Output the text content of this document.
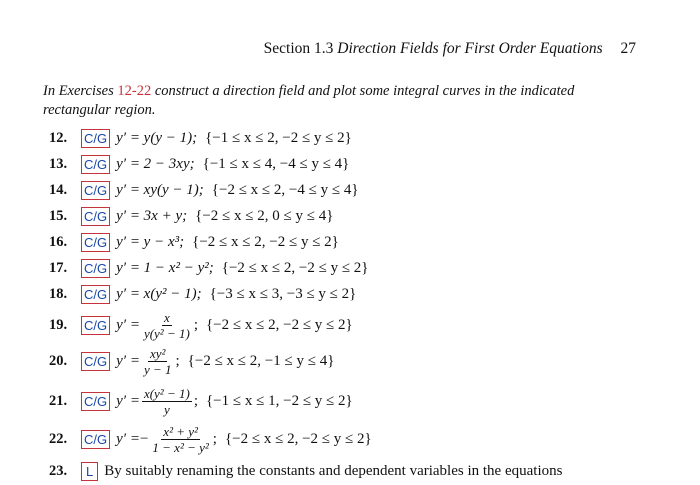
Section 1.3 Direction Fields for First Order Equations 27
In Exercises 12-22 construct a direction field and plot some integral curves in the indicated rectangular region.
12.	C/G y′ = y(y − 1); {−1 ≤ x ≤ 2, −2 ≤ y ≤ 2}
13.	C/G y′ = 2 − 3xy; {−1 ≤ x ≤ 4, −4 ≤ y ≤ 4}
14.	C/G y′ = xy(y − 1); {−2 ≤ x ≤ 2, −4 ≤ y ≤ 4}
15.	C/G y′ = 3x + y; {−2 ≤ x ≤ 2, 0 ≤ y ≤ 4}
16.	C/G y′ = y − x³; {−2 ≤ x ≤ 2, −2 ≤ y ≤ 2}
17.	C/G y′ = 1 − x² − y²; {−2 ≤ x ≤ 2, −2 ≤ y ≤ 2}
18.	C/G y′ = x(y² − 1); {−3 ≤ x ≤ 3, −3 ≤ y ≤ 2}
19.	C/G $y' = \frac{x}{\text{y(y² − 1)}}$ ; {−2 ≤ x ≤ 2, −2 ≤ y ≤ 2}
20.	C/G $y' = \frac{\text{xy²}}{y - 1}$ ; {−2 ≤ x ≤ 2, −1 ≤ y ≤ 4}
21.	C/G $y' = \frac{\text{x(y² − 1)}}{y}$ ; {−1 ≤ x ≤ 1, −2 ≤ y ≤ 2}
22.	C/G y′ = − $\frac{\text{x² + y²}}{\text{1 − x² − y²}}$ ; {−2 ≤ x ≤ 2, −2 ≤ y ≤ 2}
23.	L By suitably renaming the constants and dependent variables in the equations
